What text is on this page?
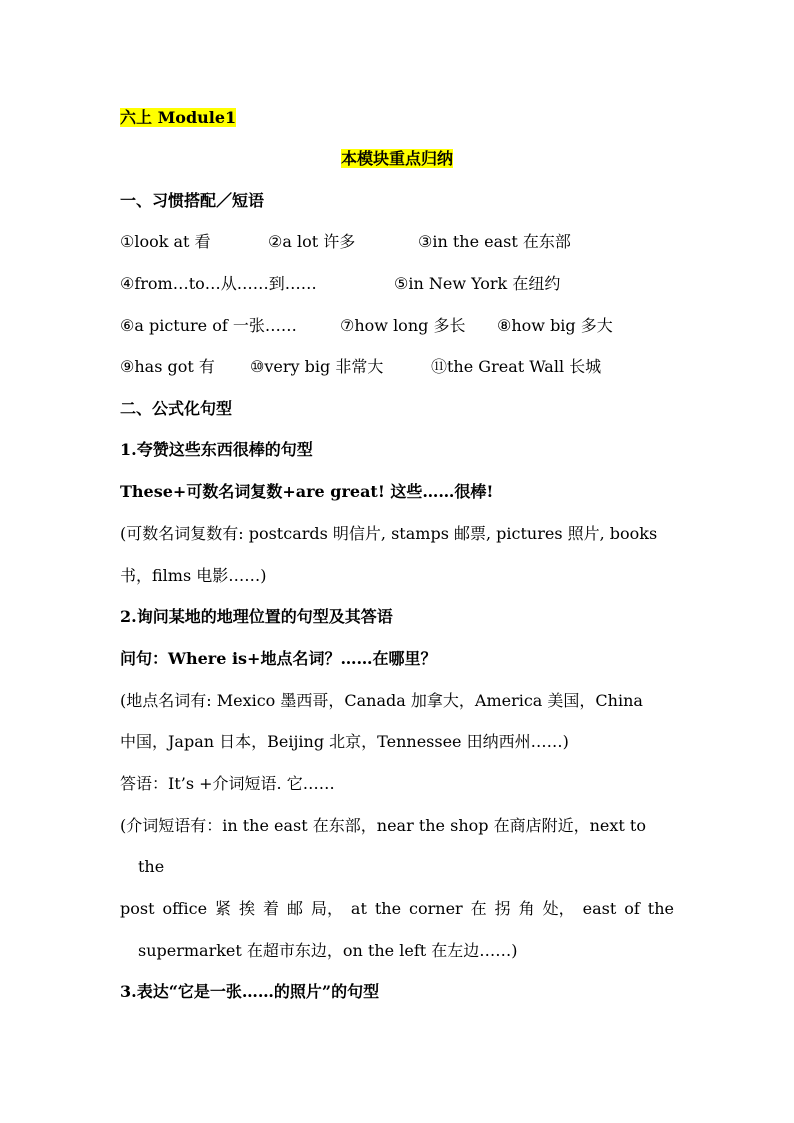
六上 Module1
本模块重点归纳
一、习惯搭配／短语
①look at 看	②a lot 许多	③in the east 在东部
④from…to…从……到……	⑤in New York 在纽约
⑥a picture of 一张……	⑦how long 多长 ⑧how big 多大
⑨has got 有 ⑩very big 非常大	⑪the Great Wall 长城
二、公式化句型
1.夸赞这些东西很棒的句型
These+可数名词复数+are great! 这些……很棒!
(可数名词复数有: postcards 明信片, stamps 邮票, pictures 照片, books
书，films 电影……)
2.询问某地的地理位置的句型及其答语
问句：Where is+地点名词？……在哪里？
(地点名词有: Mexico 墨西哥，Canada 加拿大，America 美国，China
中国，Japan 日本，Beijing 北京，Tennessee 田纳西州……)
答语：It’s +介词短语. 它……
(介词短语有：in the east 在东部，near the shop 在商店附近，next to
the
post office 紧 挨 着 邮 局， at the corner 在 拐 角 处， east of the
supermarket 在超市东边，on the left 在左边……)
3.表达“它是一张……的照片”的句型
